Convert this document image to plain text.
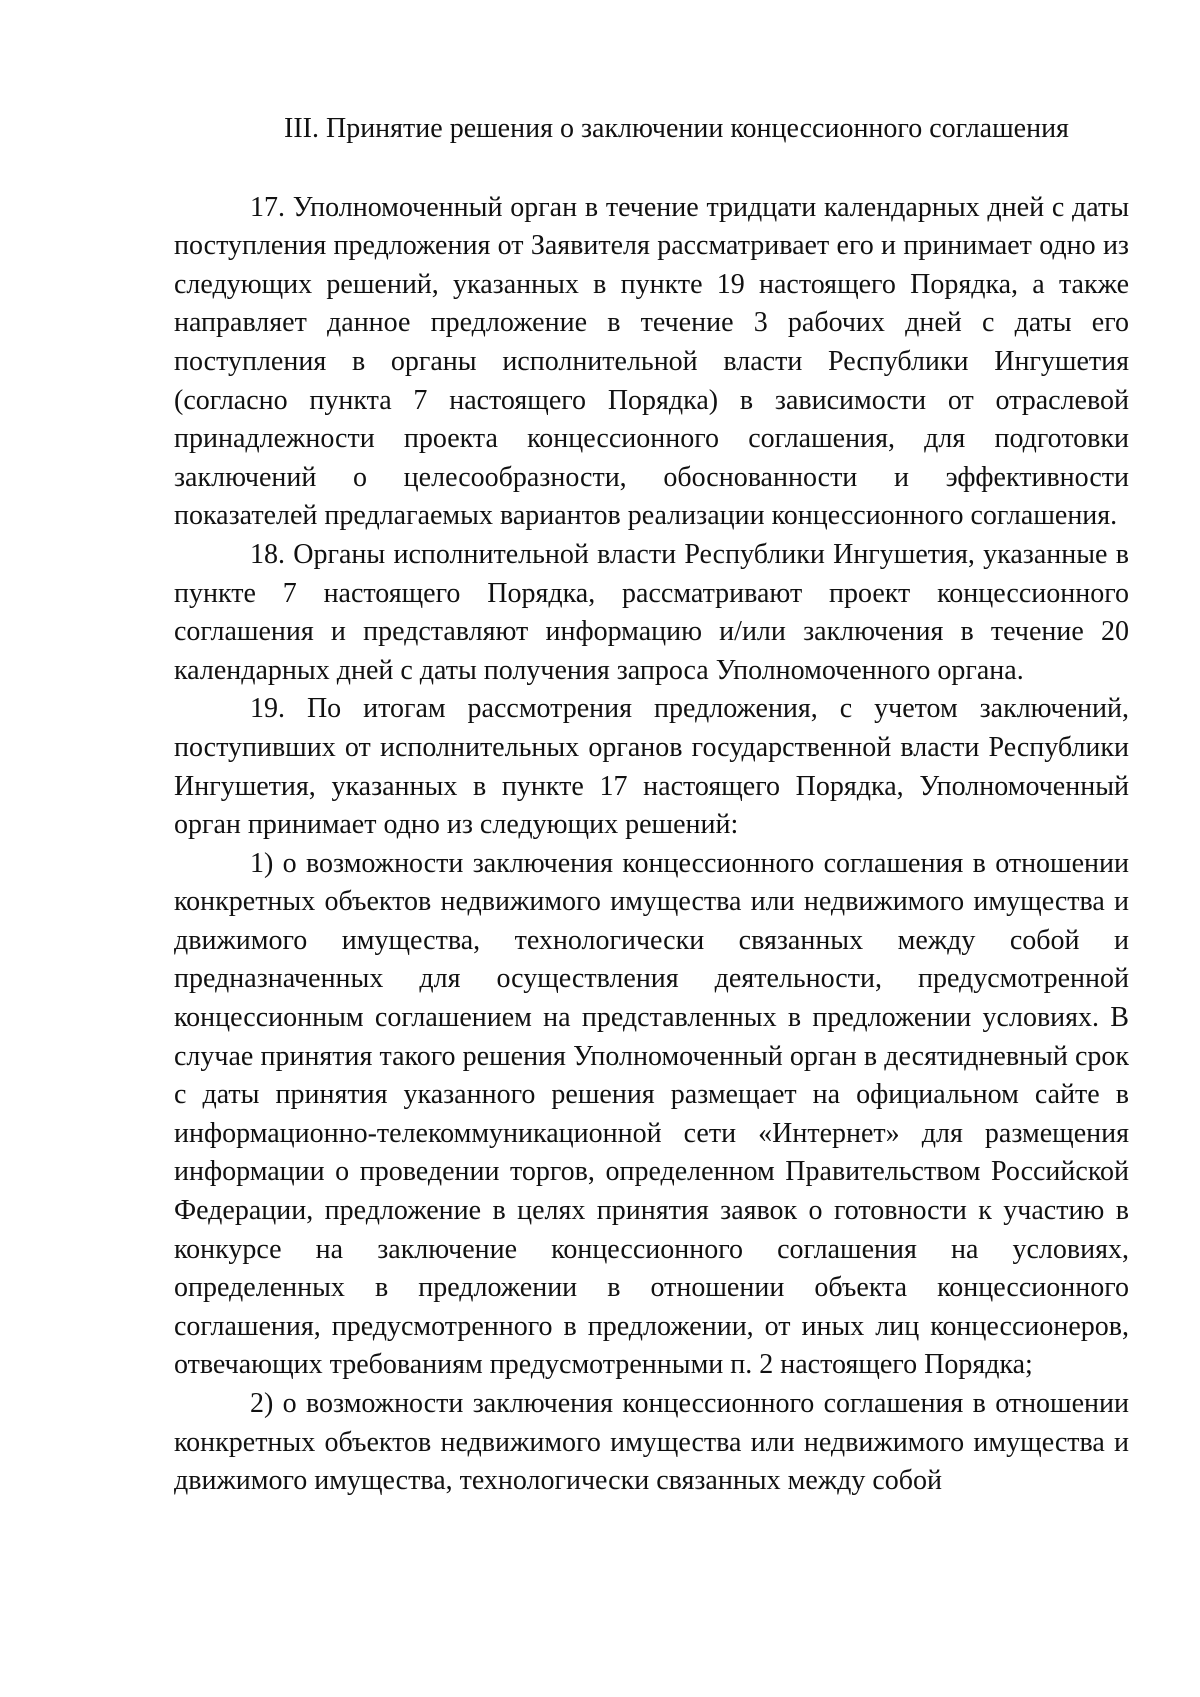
III. Принятие решения о заключении концессионного соглашения

17. Уполномоченный орган в течение тридцати календарных дней с даты поступления предложения от Заявителя рассматривает его и принимает одно из следующих решений, указанных в пункте 19 настоящего Порядка, а также направляет данное предложение в течение 3 рабочих дней с даты его поступления в органы исполнительной власти Республики Ингушетия (согласно пункта 7 настоящего Порядка) в зависимости от отраслевой принадлежности проекта концессионного соглашения, для подготовки заключений о целесообразности, обоснованности и эффективности показателей предлагаемых вариантов реализации концессионного соглашения.

18. Органы исполнительной власти Республики Ингушетия, указанные в пункте 7 настоящего Порядка, рассматривают проект концессионного соглашения и представляют информацию и/или заключения в течение 20 календарных дней с даты получения запроса Уполномоченного органа.

19. По итогам рассмотрения предложения, с учетом заключений, поступивших от исполнительных органов государственной власти Республики Ингушетия, указанных в пункте 17 настоящего Порядка, Уполномоченный орган принимает одно из следующих решений:

1) о возможности заключения концессионного соглашения в отношении конкретных объектов недвижимого имущества или недвижимого имущества и движимого имущества, технологически связанных между собой и предназначенных для осуществления деятельности, предусмотренной концессионным соглашением на представленных в предложении условиях. В случае принятия такого решения Уполномоченный орган в десятидневный срок с даты принятия указанного решения размещает на официальном сайте в информационно-телекоммуникационной сети «Интернет» для размещения информации о проведении торгов, определенном Правительством Российской Федерации, предложение в целях принятия заявок о готовности к участию в конкурсе на заключение концессионного соглашения на условиях, определенных в предложении в отношении объекта концессионного соглашения, предусмотренного в предложении, от иных лиц концессионеров, отвечающих требованиям предусмотренными п. 2 настоящего Порядка;

2) о возможности заключения концессионного соглашения в отношении конкретных объектов недвижимого имущества или недвижимого имущества и движимого имущества, технологически связанных между собой
